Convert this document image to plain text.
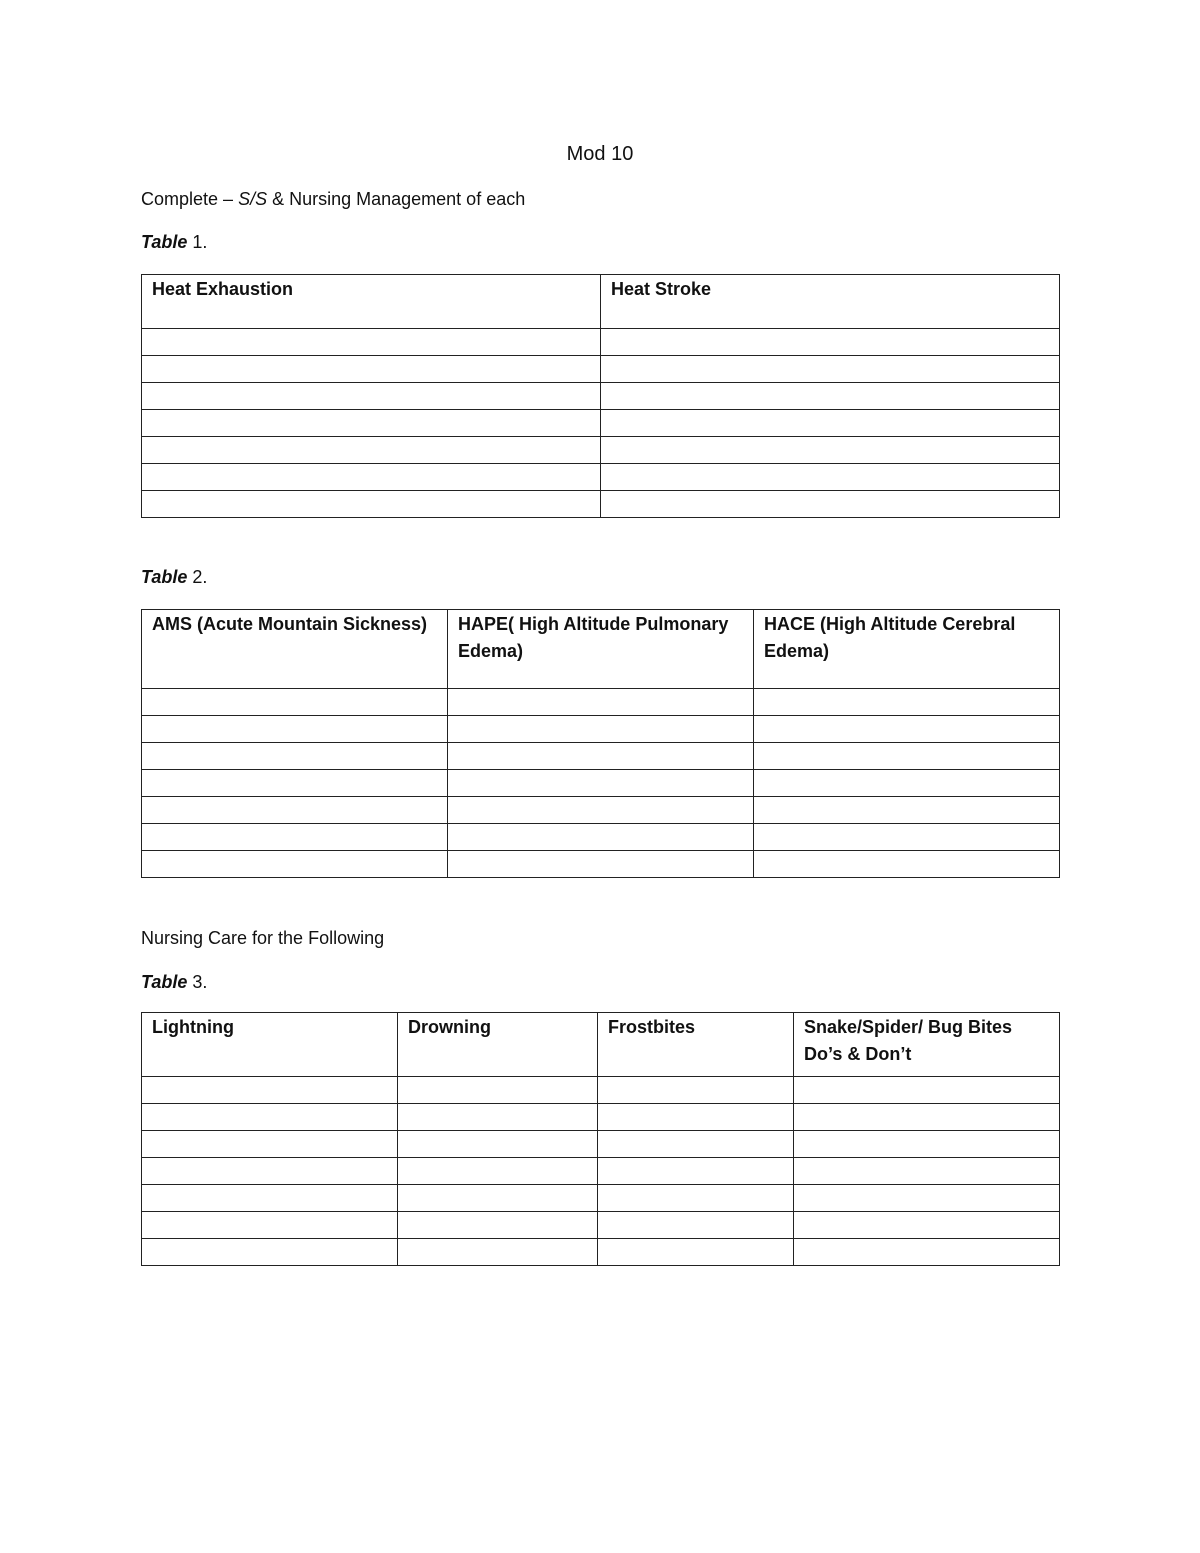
Mod 10
Complete – S/S & Nursing Management of each
Table 1.
Heat Exhaustion	Heat Stroke

Table 2.
AMS (Acute Mountain Sickness)	HAPE( High Altitude Pulmonary Edema)	HACE (High Altitude Cerebral Edema)

Nursing Care for the Following
Table 3.
Lightning	Drowning	Frostbites	Snake/Spider/ Bug Bites Do’s & Don’t
